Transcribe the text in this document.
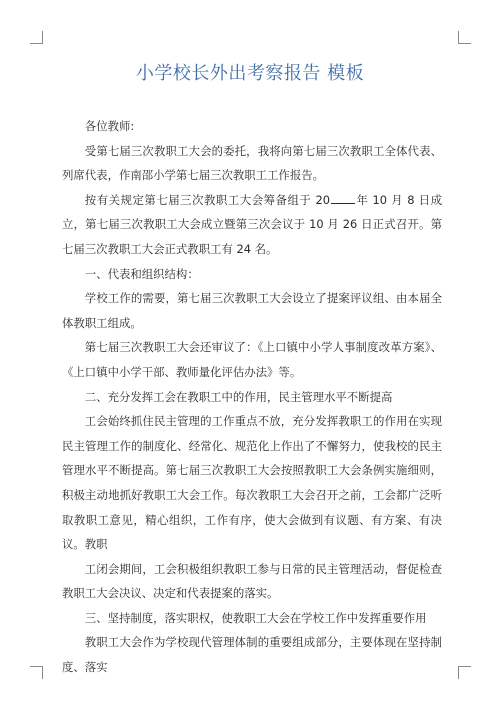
小学校长外出考察报告 模板

各位教师:

受第七届三次教职工大会的委托，我将向第七届三次教职工全体代表、列席代表，作南邵小学第七届三次教职工工作报告。

按有关规定第七届三次教职工大会筹备组于 20 年 10 月 8 日成立，第七届三次教职工大会成立暨第三次会议于 10 月 26 日正式召开。第七届三次教职工大会正式教职工有 24 名。

一、代表和组织结构：

学校工作的需要，第七届三次教职工大会设立了提案评议组、由本届全体教职工组成。

第七届三次教职工大会还审议了：《上口镇中小学人事制度改革方案》、《上口镇中小学干部、教师量化评估办法》等。

二、充分发挥工会在教职工中的作用，民主管理水平不断提高

工会始终抓住民主管理的工作重点不放，充分发挥教职工的作用在实现民主管理工作的制度化、经常化、规范化上作出了不懈努力，使我校的民主管理水平不断提高。第七届三次教职工大会按照教职工大会条例实施细则，积极主动地抓好教职工大会工作。每次教职工大会召开之前，工会都广泛听取教职工意见，精心组织，工作有序，使大会做到有议题、有方案、有决议。教职

工闭会期间，工会积极组织教职工参与日常的民主管理活动，督促检查教职工大会决议、决定和代表提案的落实。

三、坚持制度，落实职权，使教职工大会在学校工作中发挥重要作用

教职工大会作为学校现代管理体制的重要组成部分，主要体现在坚持制度、落实
